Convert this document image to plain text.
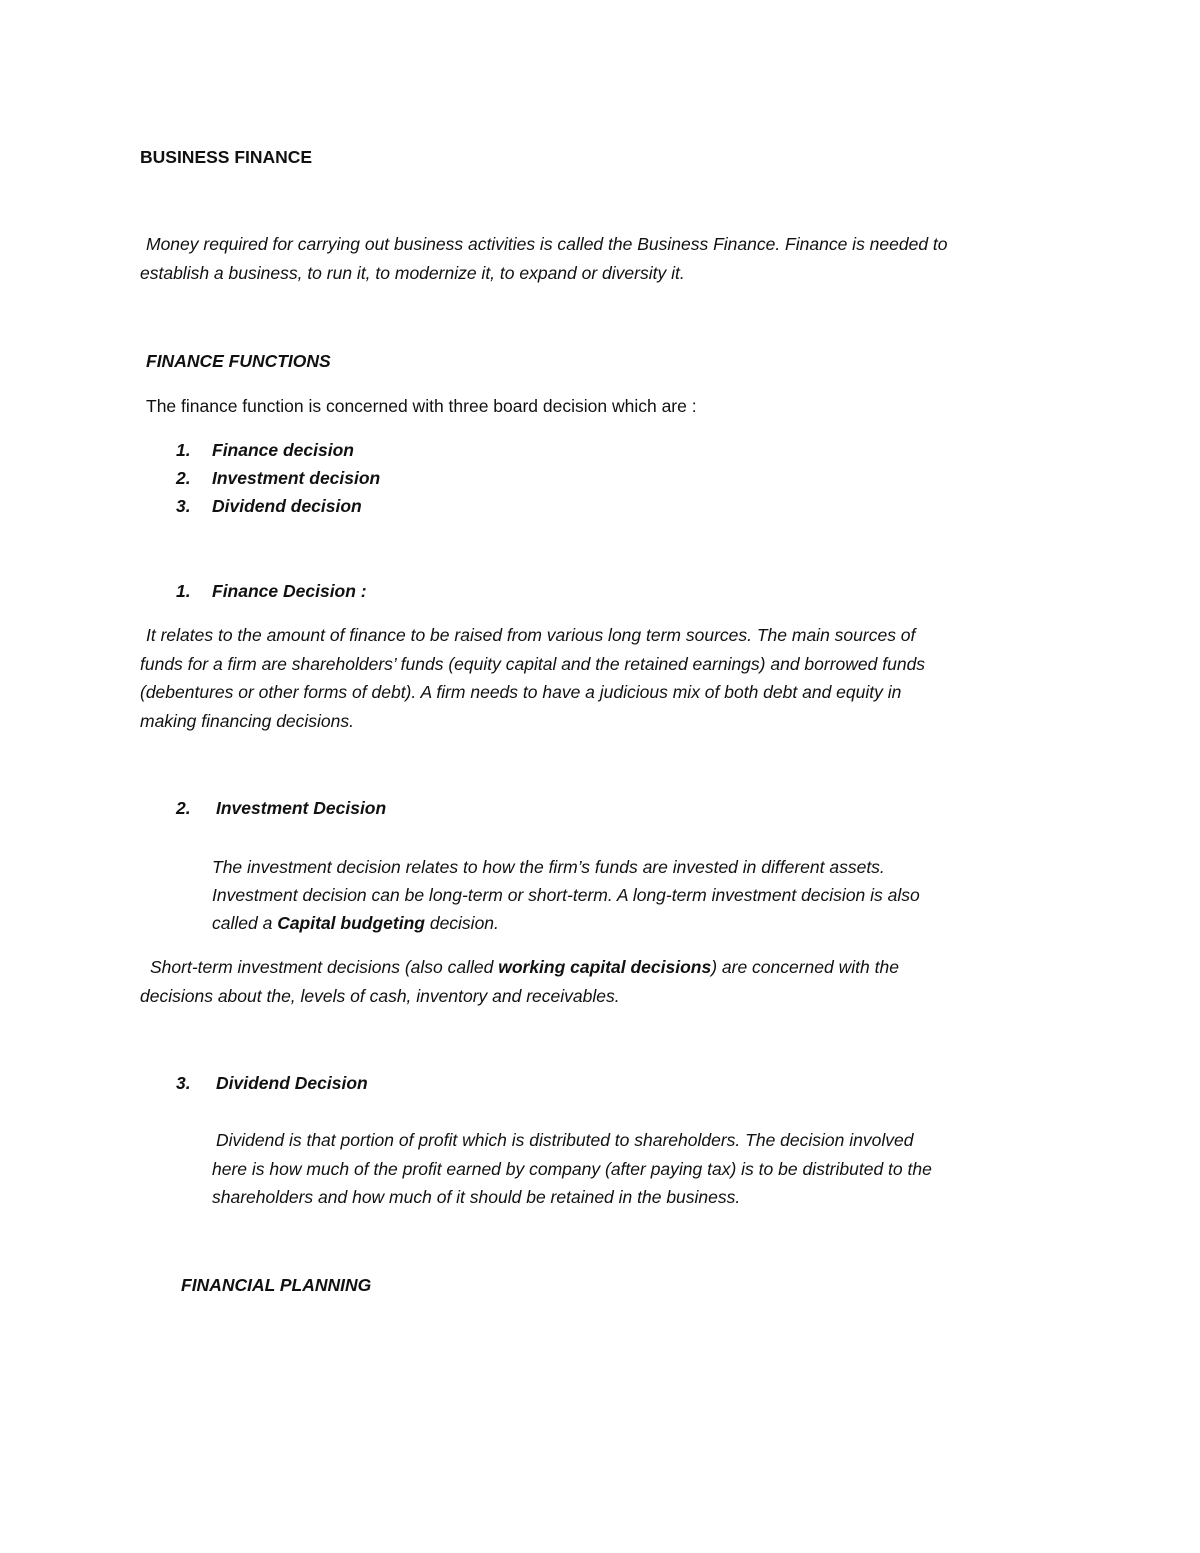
BUSINESS FINANCE
Money required for carrying out business activities is called the Business Finance. Finance is needed to
establish a business, to run it, to modernize it, to expand or diversity it.
FINANCE FUNCTIONS
The finance function is concerned with three board decision which are :
1. Finance decision
2. Investment decision
3. Dividend decision
1. Finance Decision :
It relates to the amount of finance to be raised from various long term sources. The main sources of
funds for a firm are shareholders’ funds (equity capital and the retained earnings) and borrowed funds
(debentures or other forms of debt). A firm needs to have a judicious mix of both debt and equity in
making financing decisions.
2. Investment Decision
The investment decision relates to how the firm’s funds are invested in different assets.
Investment decision can be long-term or short-term. A long-term investment decision is also
called a Capital budgeting decision.
Short-term investment decisions (also called working capital decisions) are concerned with the
decisions about the, levels of cash, inventory and receivables.
3. Dividend Decision
Dividend is that portion of profit which is distributed to shareholders. The decision involved
here is how much of the profit earned by company (after paying tax) is to be distributed to the
shareholders and how much of it should be retained in the business.
FINANCIAL PLANNING
